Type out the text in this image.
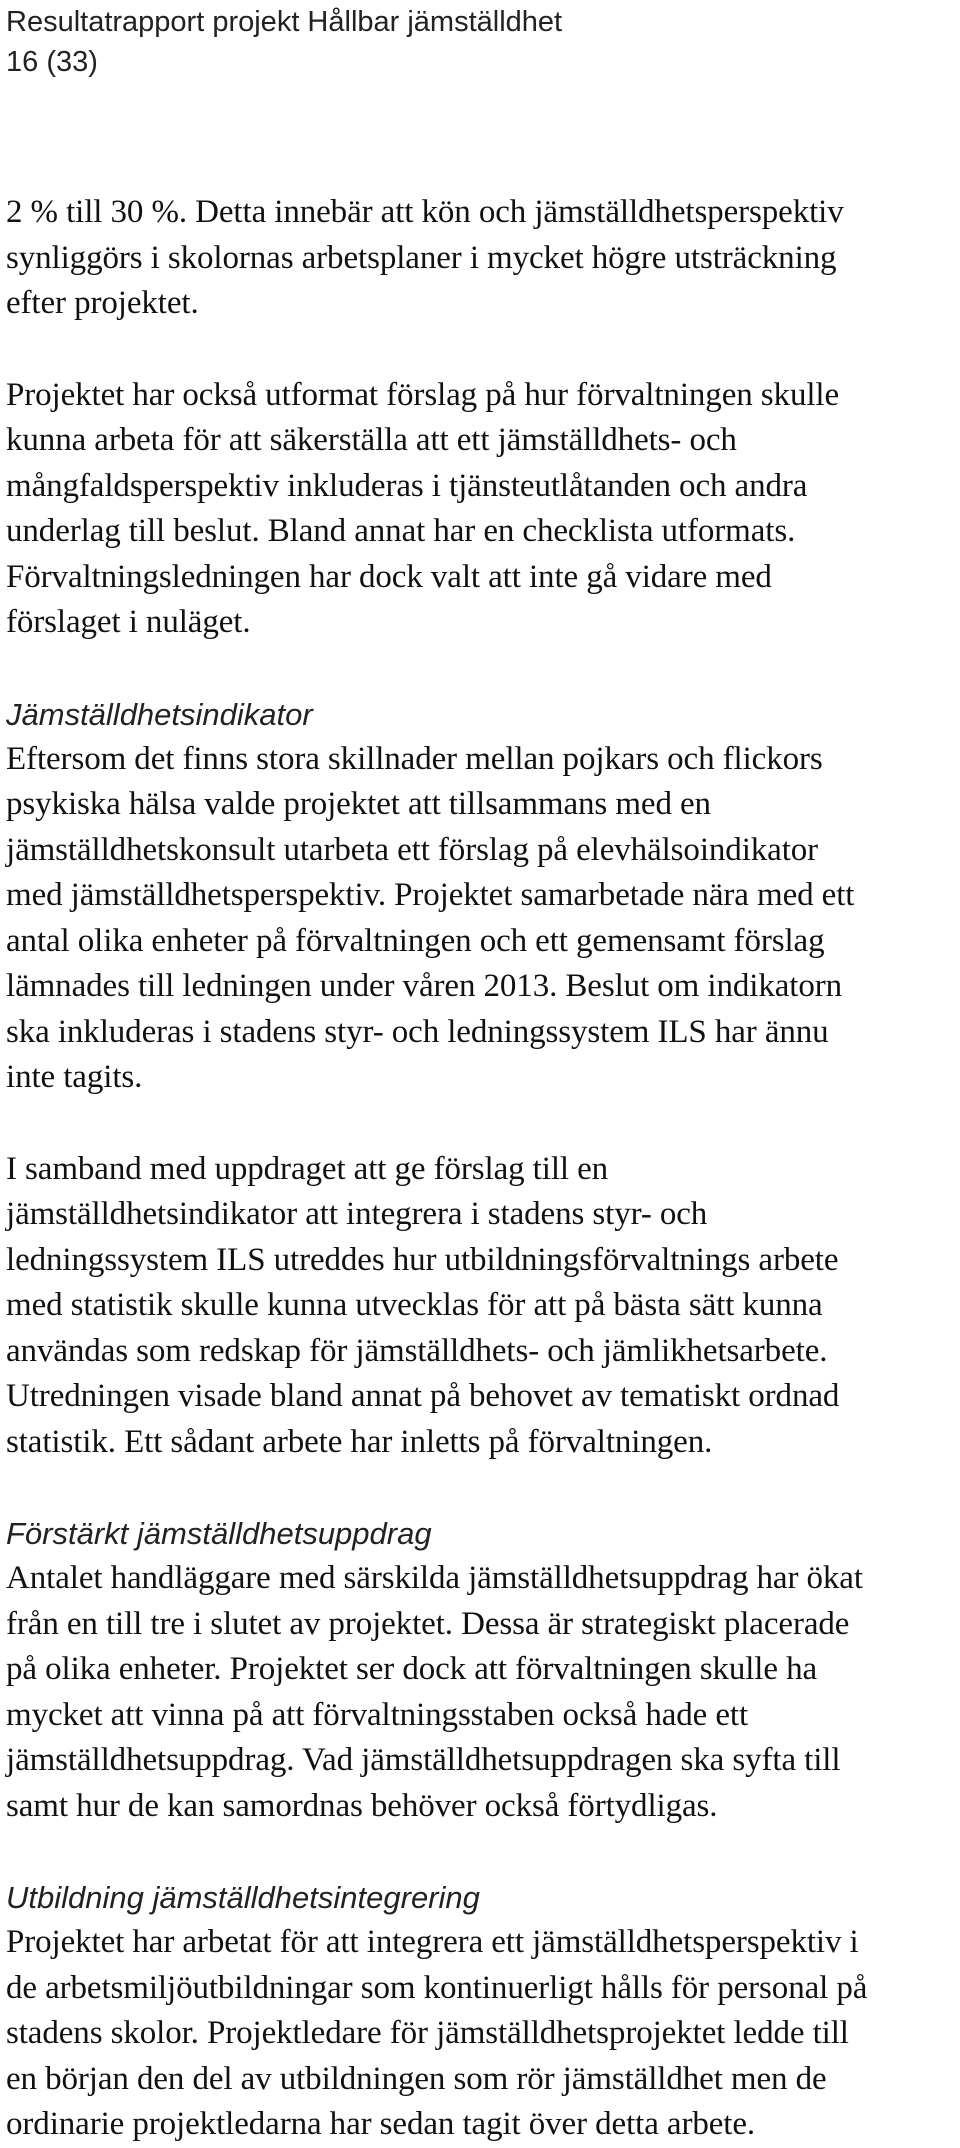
Resultatrapport projekt Hållbar jämställdhet
16 (33)
2 % till 30 %. Detta innebär att kön och jämställdhetsperspektiv
synliggörs i skolornas arbetsplaner i mycket högre utsträckning
efter projektet.
Projektet har också utformat förslag på hur förvaltningen skulle
kunna arbeta för att säkerställa att ett jämställdhets- och
mångfaldsperspektiv inkluderas i tjänsteutlåtanden och andra
underlag till beslut. Bland annat har en checklista utformats.
Förvaltningsledningen har dock valt att inte gå vidare med
förslaget i nuläget.
Jämställdhetsindikator
Eftersom det finns stora skillnader mellan pojkars och flickors
psykiska hälsa valde projektet att tillsammans med en
jämställdhetskonsult utarbeta ett förslag på elevhälsoindikator
med jämställdhetsperspektiv. Projektet samarbetade nära med ett
antal olika enheter på förvaltningen och ett gemensamt förslag
lämnades till ledningen under våren 2013. Beslut om indikatorn
ska inkluderas i stadens styr- och ledningssystem ILS har ännu
inte tagits.
I samband med uppdraget att ge förslag till en
jämställdhetsindikator att integrera i stadens styr- och
ledningssystem ILS utreddes hur utbildningsförvaltnings arbete
med statistik skulle kunna utvecklas för att på bästa sätt kunna
användas som redskap för jämställdhets- och jämlikhetsarbete.
Utredningen visade bland annat på behovet av tematiskt ordnad
statistik. Ett sådant arbete har inletts på förvaltningen.
Förstärkt jämställdhetsuppdrag
Antalet handläggare med särskilda jämställdhetsuppdrag har ökat
från en till tre i slutet av projektet. Dessa är strategiskt placerade
på olika enheter. Projektet ser dock att förvaltningen skulle ha
mycket att vinna på att förvaltningsstaben också hade ett
jämställdhetsuppdrag. Vad jämställdhetsuppdragen ska syfta till
samt hur de kan samordnas behöver också förtydligas.
Utbildning jämställdhetsintegrering
Projektet har arbetat för att integrera ett jämställdhetsperspektiv i
de arbetsmiljöutbildningar som kontinuerligt hålls för personal på
stadens skolor. Projektledare för jämställdhetsprojektet ledde till
en början den del av utbildningen som rör jämställdhet men de
ordinarie projektledarna har sedan tagit över detta arbete.
